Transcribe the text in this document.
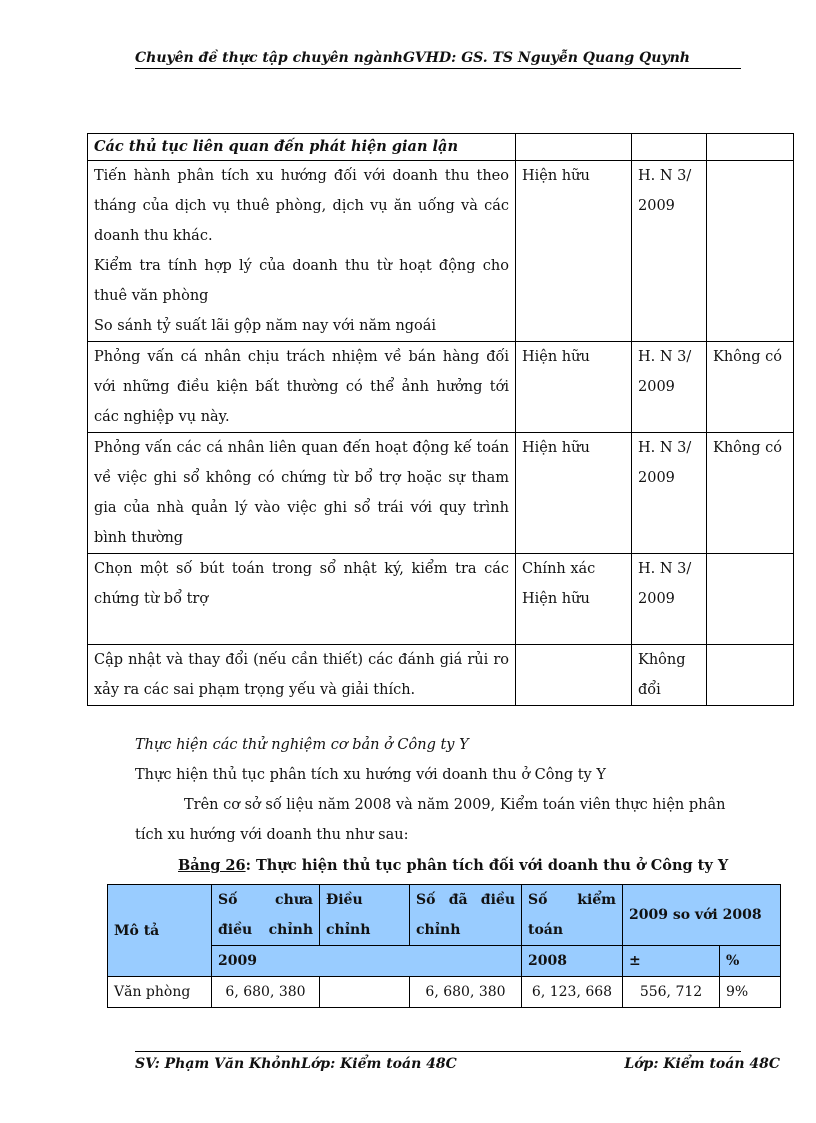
Chuyên đề thực tập chuyên ngànhGVHD: GS. TS Nguyễn Quang Quynh
Các thủ tục liên quan đến phát hiện gian lận			

Tiến hành phân tích xu hướng đối với doanh thu theo tháng của dịch vụ thuê phòng, dịch vụ ăn uống và các doanh thu khác.
Kiểm tra tính hợp lý của doanh thu từ hoạt động cho thuê văn phòng
So sánh tỷ suất lãi gộp năm nay với năm ngoái	Hiện hữu	H. N 3/ 2009	
Phỏng vấn cá nhân chịu trách nhiệm về bán hàng đối với những điều kiện bất thường có thể ảnh hưởng tới các nghiệp vụ này.	Hiện hữu	H. N 3/ 2009	Không có
Phỏng vấn các cá nhân liên quan đến hoạt động kế toán về việc ghi sổ không có chứng từ bổ trợ hoặc sự tham gia của nhà quản lý vào việc ghi sổ trái với quy trình bình thường	Hiện hữu	H. N 3/ 2009	Không có
Chọn một số bút toán trong sổ nhật ký, kiểm tra các chứng từ bổ trợ	Chính xác Hiện hữu	H. N 3/ 2009	
Cập nhật và thay đổi (nếu cần thiết) các đánh giá rủi ro xảy ra các sai phạm trọng yếu và giải thích.		Không đổi	
Thực hiện các thử nghiệm cơ bản ở Công ty Y
Thực hiện thủ tục phân tích xu hướng với doanh thu ở Công ty Y
Trên cơ sở số liệu năm 2008 và năm 2009, Kiểm toán viên thực hiện phân
tích xu hướng với doanh thu như sau:
Bảng 26: Thực hiện thủ tục phân tích đối với doanh thu ở Công ty Y
Mô tả	Số chưa điều chỉnh	Điều chỉnh	Số đã điều chỉnh	Số kiểm toán	2009 so với 2008	
	2009			2008	±	%
Văn phòng	6, 680, 380		6, 680, 380	6, 123, 668	556, 712	9%
SV: Phạm Văn KhỏnhLớp: Kiểm toán 48C	Lớp: Kiểm toán 48C
